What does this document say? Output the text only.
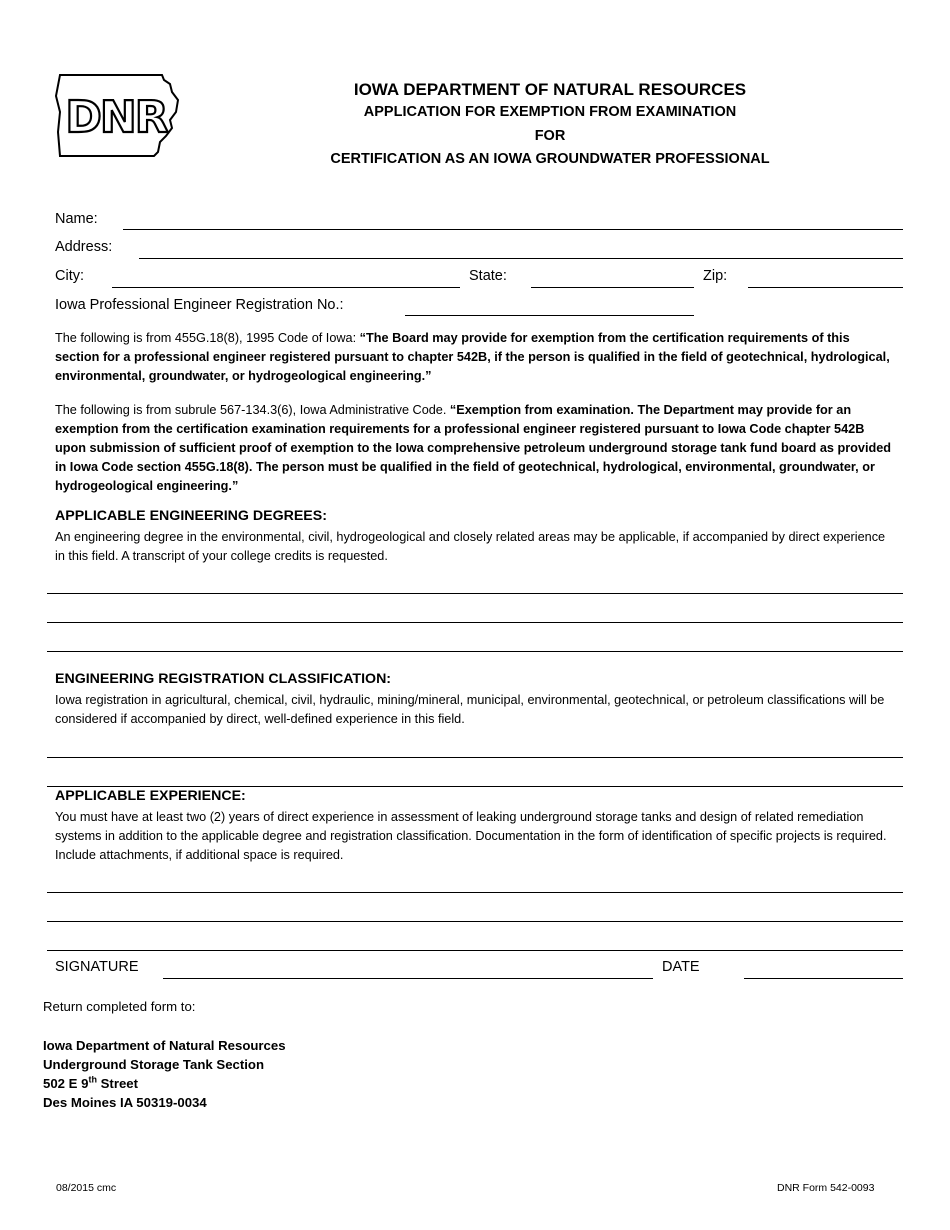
DNR
IOWA DEPARTMENT OF NATURAL RESOURCES
APPLICATION FOR EXEMPTION FROM EXAMINATION
FOR
CERTIFICATION AS AN IOWA GROUNDWATER PROFESSIONAL
Name:
Address:
City:	State:	Zip:
Iowa Professional Engineer Registration No.:
The following is from 455G.18(8), 1995 Code of Iowa: “The Board may provide for exemption from the certification requirements of this section for a professional engineer registered pursuant to chapter 542B, if the person is qualified in the field of geotechnical, hydrological, environmental, groundwater, or hydrogeological engineering.”
The following is from subrule 567-134.3(6), Iowa Administrative Code. “Exemption from examination. The Department may provide for an exemption from the certification examination requirements for a professional engineer registered pursuant to Iowa Code chapter 542B upon submission of sufficient proof of exemption to the Iowa comprehensive petroleum underground storage tank fund board as provided in Iowa Code section 455G.18(8). The person must be qualified in the field of geotechnical, hydrological, environmental, groundwater, or hydrogeological engineering.”
APPLICABLE ENGINEERING DEGREES:
An engineering degree in the environmental, civil, hydrogeological and closely related areas may be applicable, if accompanied by direct experience in this field. A transcript of your college credits is requested.
ENGINEERING REGISTRATION CLASSIFICATION:
Iowa registration in agricultural, chemical, civil, hydraulic, mining/mineral, municipal, environmental, geotechnical, or petroleum classifications will be considered if accompanied by direct, well-defined experience in this field.
APPLICABLE EXPERIENCE:
You must have at least two (2) years of direct experience in assessment of leaking underground storage tanks and design of related remediation systems in addition to the applicable degree and registration classification. Documentation in the form of identification of specific projects is required. Include attachments, if additional space is required.
SIGNATURE	DATE
Return completed form to:
Iowa Department of Natural Resources
Underground Storage Tank Section
502 E 9th Street
Des Moines IA 50319-0034
08/2015 cmc	DNR Form 542-0093
